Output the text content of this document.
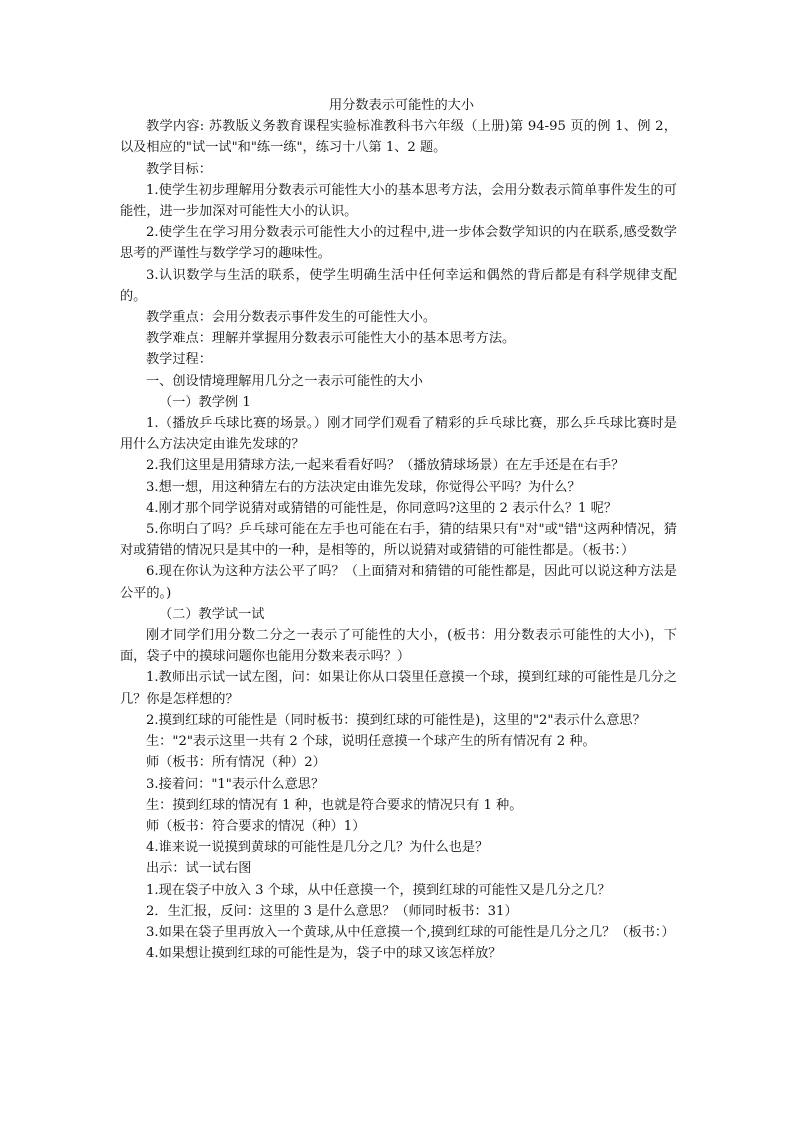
用分数表示可能性的大小

教学内容: 苏教版义务教育课程实验标准教科书六年级（上册)第 94-95 页的例 1、例 2，以及相应的"试一试"和"练一练"，练习十八第 1、2 题。

教学目标：

1.使学生初步理解用分数表示可能性大小的基本思考方法，会用分数表示简单事件发生的可能性，进一步加深对可能性大小的认识。

2.使学生在学习用分数表示可能性大小的过程中,进一步体会数学知识的内在联系,感受数学思考的严谨性与数学学习的趣味性。

3.认识数学与生活的联系，使学生明确生活中任何幸运和偶然的背后都是有科学规律支配的。

教学重点：会用分数表示事件发生的可能性大小。

教学难点：理解并掌握用分数表示可能性大小的基本思考方法。

教学过程：

一、创设情境理解用几分之一表示可能性的大小

（一）教学例 1

1.（播放乒乓球比赛的场景。）刚才同学们观看了精彩的乒乓球比赛，那么乒乓球比赛时是用什么方法决定由谁先发球的？

2.我们这里是用猜球方法,一起来看看好吗？（播放猜球场景）在左手还是在右手？

3.想一想，用这种猜左右的方法决定由谁先发球，你觉得公平吗？为什么？

4.刚才那个同学说猜对或猜错的可能性是，你同意吗?这里的 2 表示什么？1 呢？

5.你明白了吗？乒乓球可能在左手也可能在右手，猜的结果只有"对"或"错"这两种情况，猜对或猜错的情况只是其中的一种，是相等的，所以说猜对或猜错的可能性都是。（板书：）

6.现在你认为这种方法公平了吗？（上面猜对和猜错的可能性都是，因此可以说这种方法是公平的。)

（二）教学试一试

刚才同学们用分数二分之一表示了可能性的大小，(板书：用分数表示可能性的大小)，下面，袋子中的摸球问题你也能用分数来表示吗？）

1.教师出示试一试左图，问：如果让你从口袋里任意摸一个球，摸到红球的可能性是几分之几？你是怎样想的？

2.摸到红球的可能性是（同时板书：摸到红球的可能性是)，这里的"2"表示什么意思？

生："2"表示这里一共有 2 个球，说明任意摸一个球产生的所有情况有 2 种。

师（板书：所有情况（种）2）

3.接着问："1"表示什么意思？

生：摸到红球的情况有 1 种，也就是符合要求的情况只有 1 种。

师（板书：符合要求的情况（种）1）

4.谁来说一说摸到黄球的可能性是几分之几？为什么也是？

出示：试一试右图

1.现在袋子中放入 3 个球，从中任意摸一个，摸到红球的可能性又是几分之几？

2．生汇报，反问：这里的 3 是什么意思？（师同时板书：31）

3.如果在袋子里再放入一个黄球,从中任意摸一个,摸到红球的可能性是几分之几？（板书：）

4.如果想让摸到红球的可能性是为，袋子中的球又该怎样放？
